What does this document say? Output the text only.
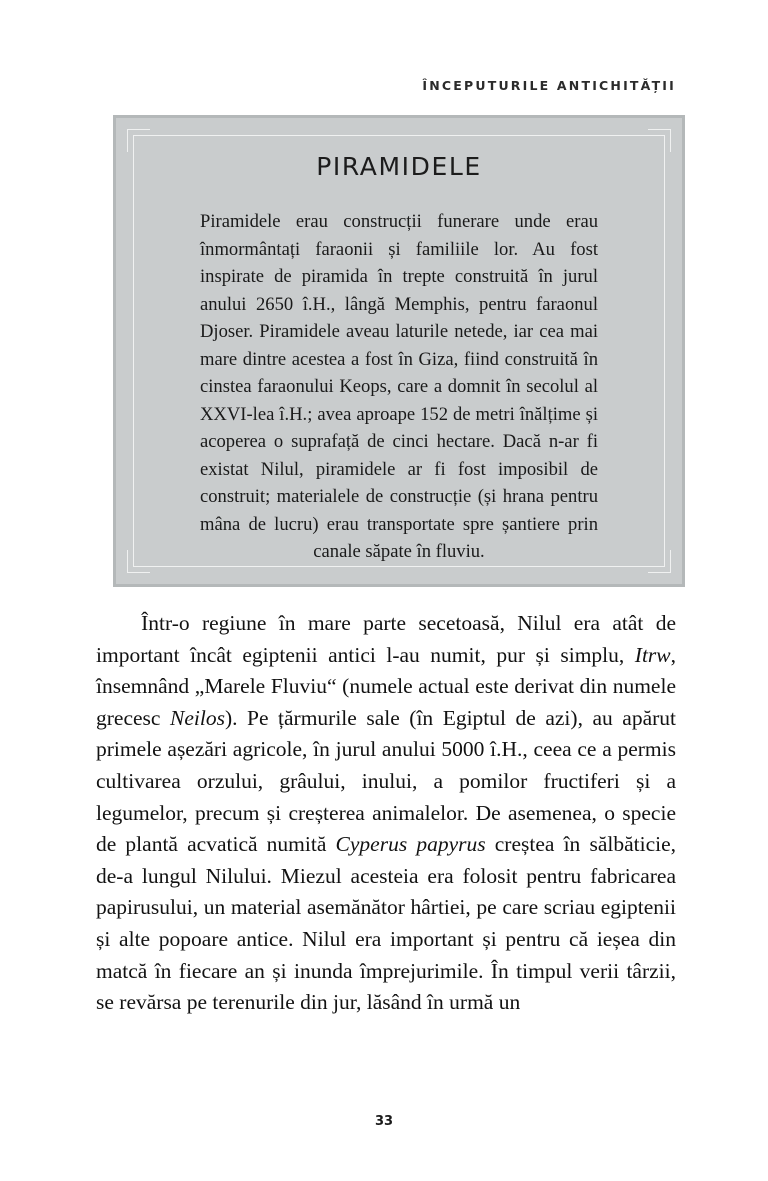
ÎNCEPUTURILE ANTICHITĂȚII
PIRAMIDELE
Piramidele erau construcții funerare unde erau înmormântați faraonii și familiile lor. Au fost inspirate de piramida în trepte construită în jurul anului 2650 î.H., lângă Memphis, pentru faraonul Djoser. Piramidele aveau laturile netede, iar cea mai mare dintre acestea a fost în Giza, fiind construită în cinstea faraonului Keops, care a domnit în secolul al XXVI-lea î.H.; avea aproape 152 de metri înălțime și acoperea o suprafață de cinci hectare. Dacă n-ar fi existat Nilul, piramidele ar fi fost imposibil de construit; materialele de construcție (și hrana pentru mâna de lucru) erau transportate spre șantiere prin canale săpate în fluviu.

Într-o regiune în mare parte secetoasă, Nilul era atât de important încât egiptenii antici l-au numit, pur și simplu, Itrw, însemnând „Marele Fluviu“ (numele actual este derivat din numele grecesc Neilos). Pe țărmurile sale (în Egiptul de azi), au apărut primele așezări agricole, în jurul anului 5000 î.H., ceea ce a permis cultivarea orzului, grâului, inului, a pomilor fructiferi și a legumelor, precum și creșterea animalelor. De asemenea, o specie de plantă acvatică numită Cyperus papyrus creștea în sălbăticie, de-a lungul Nilului. Miezul acesteia era folosit pentru fabricarea papirusului, un material asemănător hârtiei, pe care scriau egiptenii și alte popoare antice. Nilul era important și pentru că ieșea din matcă în fiecare an și inunda împrejurimile. În timpul verii târzii, se revărsa pe terenurile din jur, lăsând în urmă un

33
